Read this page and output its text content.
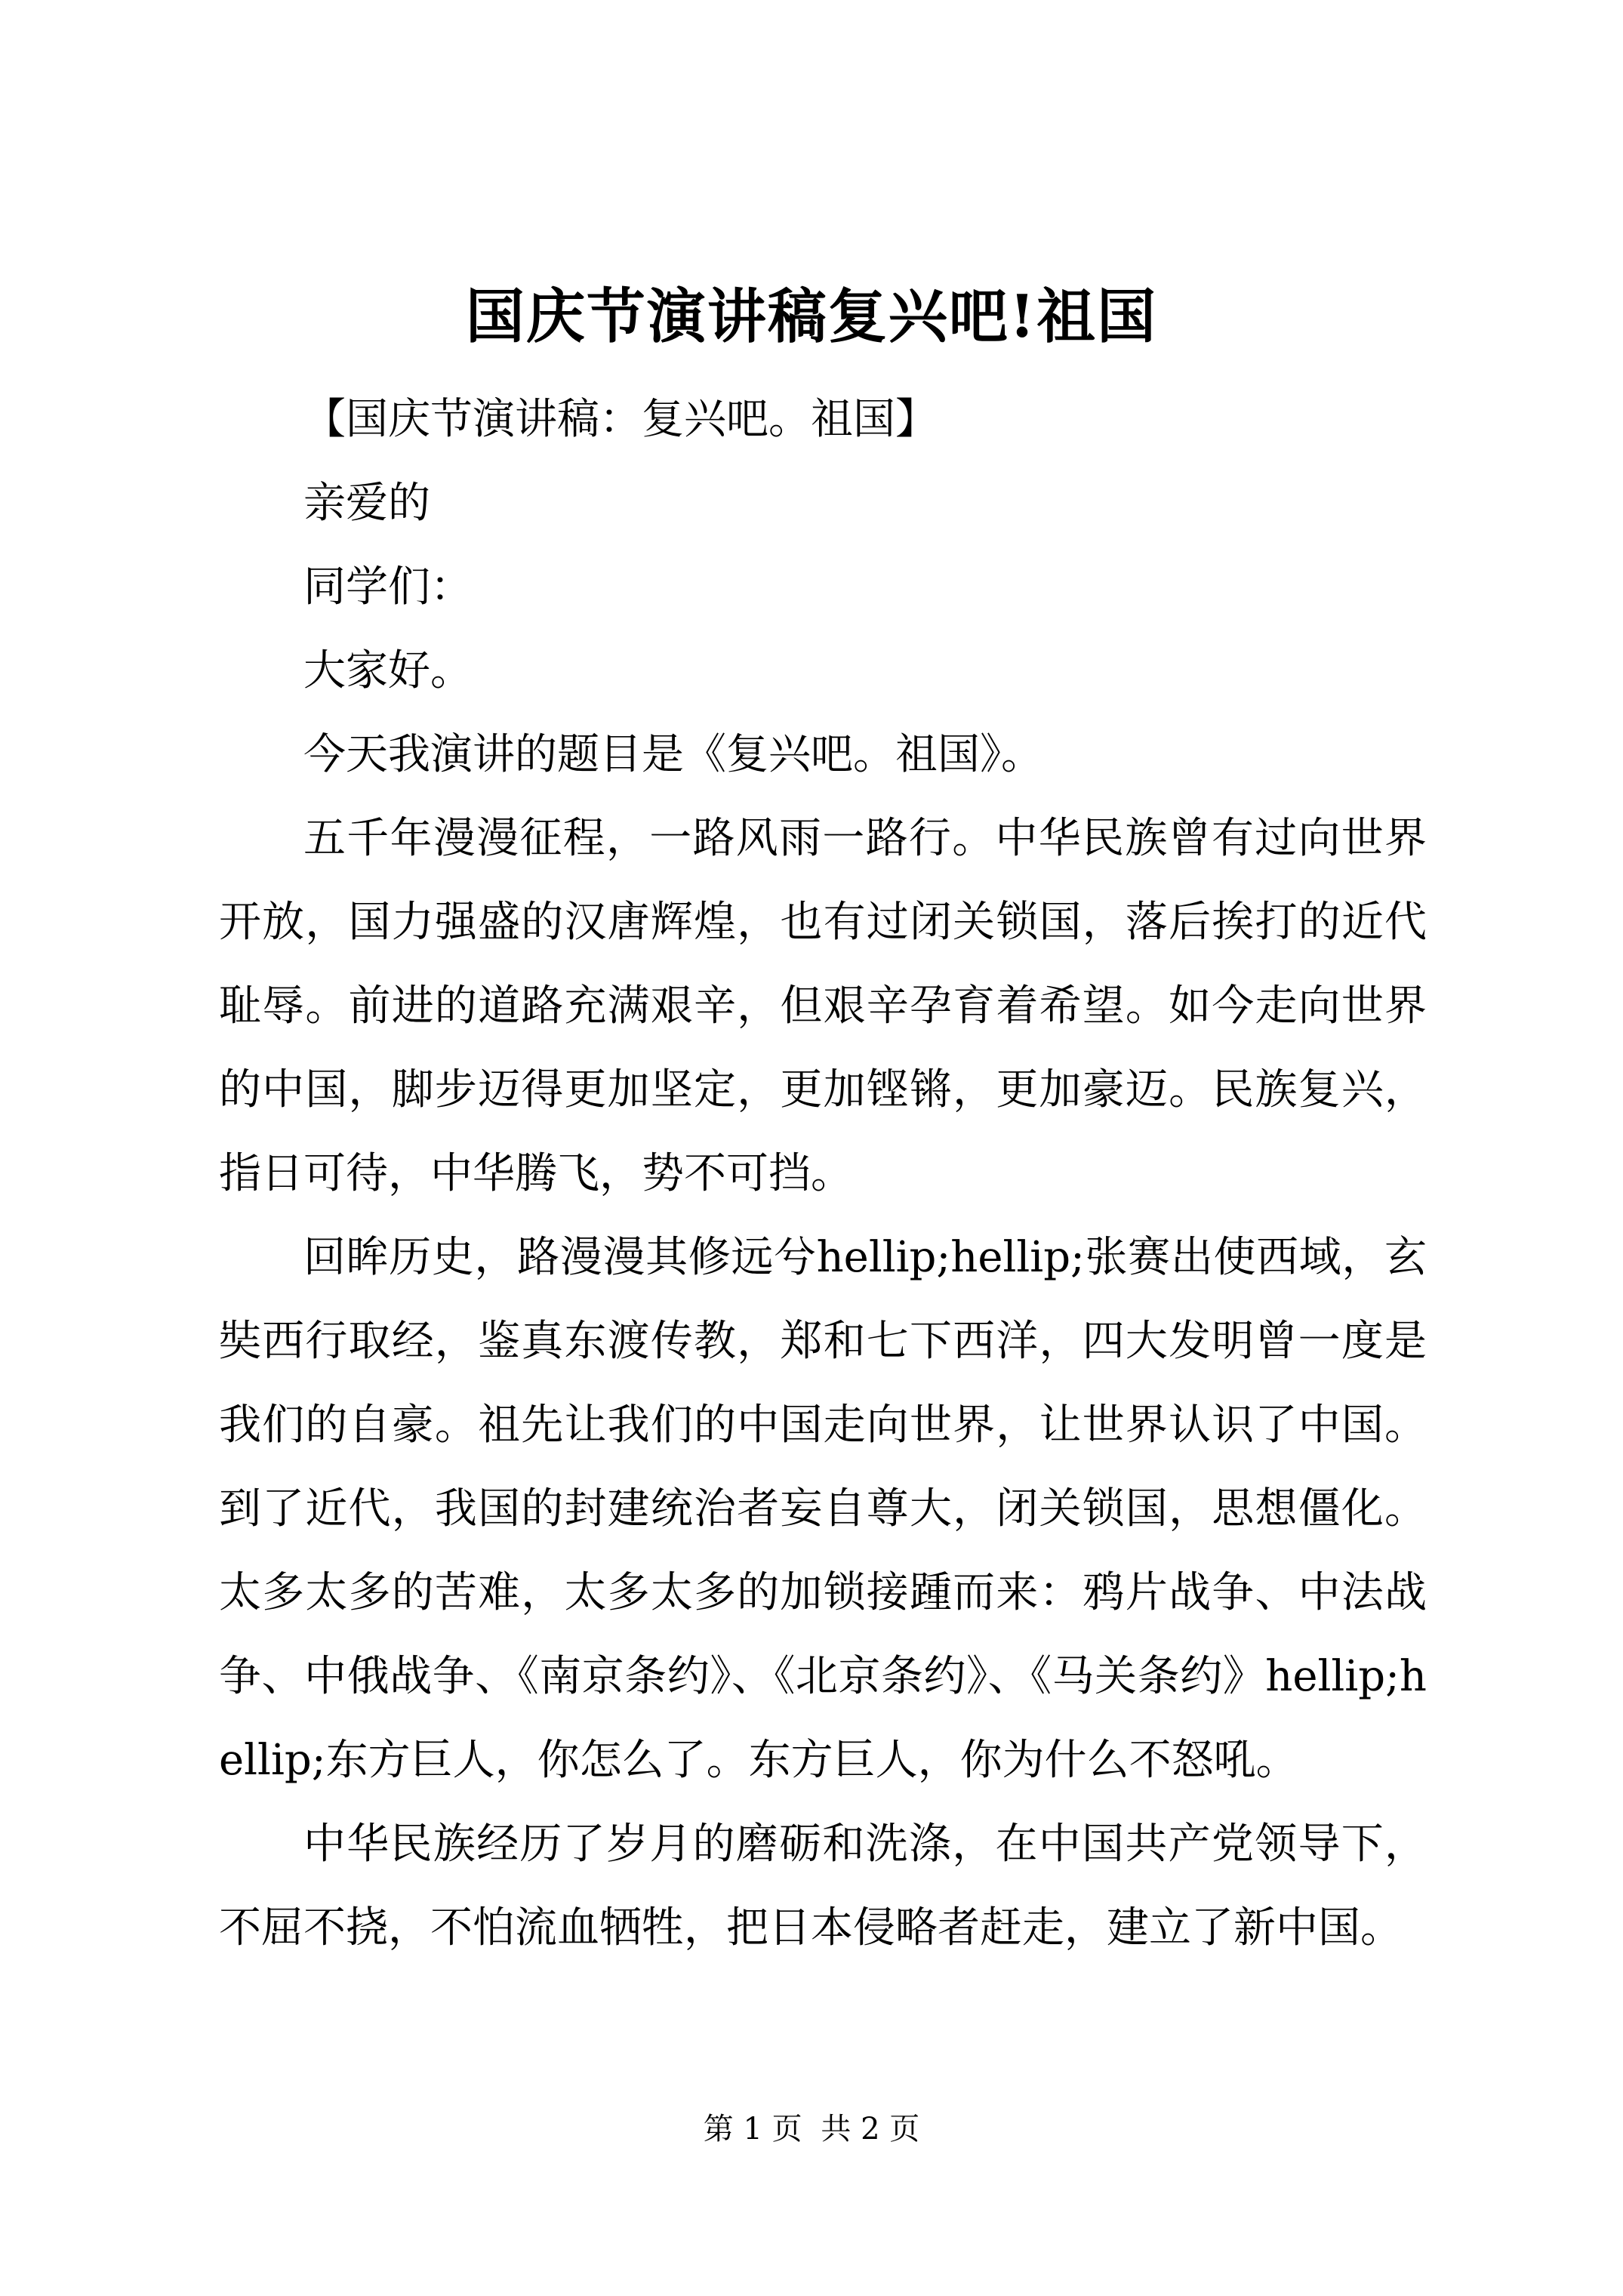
国庆节演讲稿复兴吧!祖国

【国庆节演讲稿：复兴吧。祖国】

亲爱的

同学们：

大家好。

今天我演讲的题目是《复兴吧。祖国》。

五千年漫漫征程，一路风雨一路行。中华民族曾有过向世界开放，国力强盛的汉唐辉煌，也有过闭关锁国，落后挨打的近代耻辱。前进的道路充满艰辛，但艰辛孕育着希望。如今走向世界的中国，脚步迈得更加坚定，更加铿锵，更加豪迈。民族复兴，指日可待，中华腾飞，势不可挡。

回眸历史，路漫漫其修远兮hellip;hellip;张赛出使西域，玄奘西行取经，鉴真东渡传教，郑和七下西洋，四大发明曾一度是我们的自豪。祖先让我们的中国走向世界，让世界认识了中国。到了近代，我国的封建统治者妄自尊大，闭关锁国，思想僵化。太多太多的苦难，太多太多的加锁接踵而来：鸦片战争、中法战争、中俄战争、《南京条约》、《北京条约》、《马关条约》hellip;hellip;东方巨人，你怎么了。东方巨人，你为什么不怒吼。

中华民族经历了岁月的磨砺和洗涤，在中国共产党领导下，不屈不挠，不怕流血牺牲，把日本侵略者赶走，建立了新中国。

第 1 页 共 2 页
